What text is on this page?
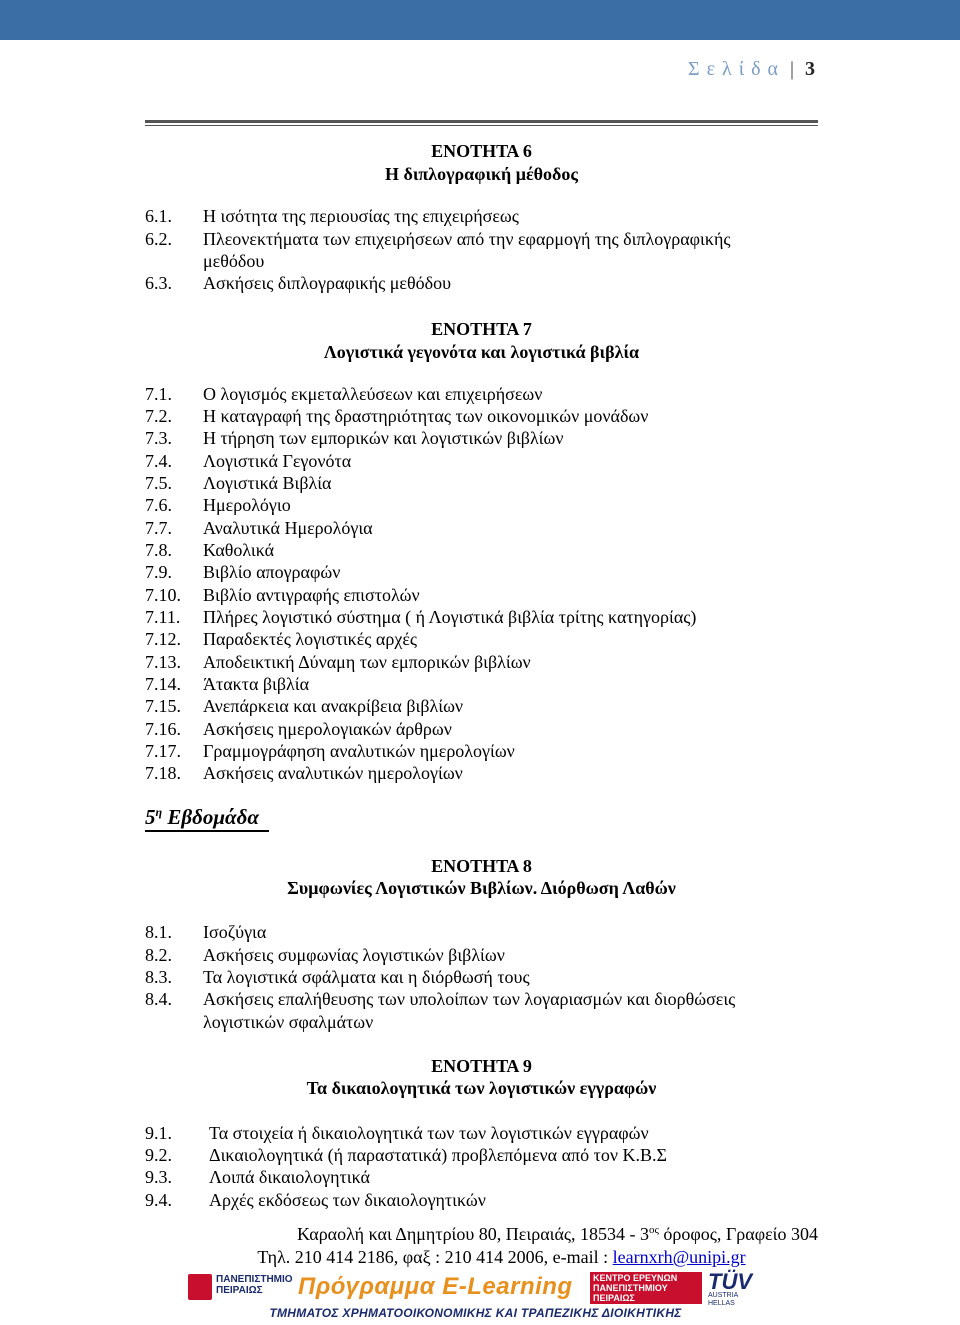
Σελίδα | 3
ΕΝΟΤΗΤΑ 6
Η διπλογραφική μέθοδος
6.1. Η ισότητα της περιουσίας της επιχειρήσεως
6.2. Πλεονεκτήματα των επιχειρήσεων από την εφαρμογή της διπλογραφικής
μεθόδου
6.3. Ασκήσεις διπλογραφικής μεθόδου
ΕΝΟΤΗΤΑ 7
Λογιστικά γεγονότα και λογιστικά βιβλία
7.1. Ο λογισμός εκμεταλλεύσεων και επιχειρήσεων
7.2. Η καταγραφή της δραστηριότητας των οικονομικών μονάδων
7.3. Η τήρηση των εμπορικών και λογιστικών βιβλίων
7.4. Λογιστικά Γεγονότα
7.5. Λογιστικά Βιβλία
7.6. Ημερολόγιο
7.7. Αναλυτικά Ημερολόγια
7.8. Καθολικά
7.9. Βιβλίο απογραφών
7.10. Βιβλίο αντιγραφής επιστολών
7.11. Πλήρες λογιστικό σύστημα ( ή Λογιστικά βιβλία τρίτης κατηγορίας)
7.12. Παραδεκτές λογιστικές αρχές
7.13. Αποδεικτική Δύναμη των εμπορικών βιβλίων
7.14. Άτακτα βιβλία
7.15. Ανεπάρκεια και ανακρίβεια βιβλίων
7.16. Ασκήσεις ημερολογιακών άρθρων
7.17. Γραμμογράφηση αναλυτικών ημερολογίων
7.18. Ασκήσεις αναλυτικών ημερολογίων
$5^\eta$ Εβδομάδα
ΕΝΟΤΗΤΑ 8
Συμφωνίες Λογιστικών Βιβλίων. Διόρθωση Λαθών
8.1. Ισοζύγια
8.2. Ασκήσεις συμφωνίας λογιστικών βιβλίων
8.3. Τα λογιστικά σφάλματα και η διόρθωσή τους
8.4. Ασκήσεις επαλήθευσης των υπολοίπων των λογαριασμών και διορθώσεις
λογιστικών σφαλμάτων
ΕΝΟΤΗΤΑ 9
Τα δικαιολογητικά των λογιστικών εγγραφών
9.1. Τα στοιχεία ή δικαιολογητικά των των λογιστικών εγγραφών
9.2. Δικαιολογητικά (ή παραστατικά) προβλεπόμενα από τον Κ.Β.Σ
9.3. Λοιπά δικαιολογητικά
9.4. Αρχές εκδόσεως των δικαιολογητικών
Καραολή και Δημητρίου 80, Πειραιάς, $18534 - 3^{o\varsigma}$ όροφος, Γραφείο 304
Τηλ. 210 414 2186, φαξ : 210 414 2006, e-mail : learnxrh@unipi.gr
ΠΑΝΕΠΙΣΤΗΜΙΟ ΠΕΙΡΑΙΩΣ	Πρόγραμμα E-Learning	ΚΕΝΤΡΟ ΕΡΕΥΝΩΝ ΠΑΝΕΠΙΣΤΗΜΙΟΥ ΠΕΙΡΑΙΩΣ
TÜV
AUSTRIA HELLAS
ΤΜΗΜΑΤΟΣ ΧΡΗΜΑΤΟΟΙΚΟΝΟΜΙΚΗΣ ΚΑΙ ΤΡΑΠΕΖΙΚΗΣ ΔΙΟΙΚΗΤΙΚΗΣ
